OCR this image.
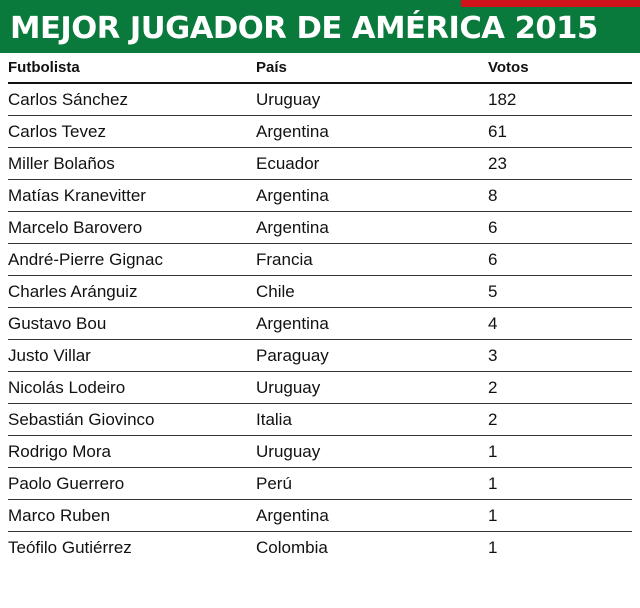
MEJOR JUGADOR DE AMÉRICA 2015
Futbolista	País	Votos
Carlos Sánchez	Uruguay	182
Carlos Tevez	Argentina	61
Miller Bolaños	Ecuador	23
Matías Kranevitter	Argentina	8
Marcelo Barovero	Argentina	6
André-Pierre Gignac	Francia	6
Charles Aránguiz	Chile	5
Gustavo Bou	Argentina	4
Justo Villar	Paraguay	3
Nicolás Lodeiro	Uruguay	2
Sebastián Giovinco	Italia	2
Rodrigo Mora	Uruguay	1
Paolo Guerrero	Perú	1
Marco Ruben	Argentina	1
Teófilo Gutiérrez	Colombia	1
